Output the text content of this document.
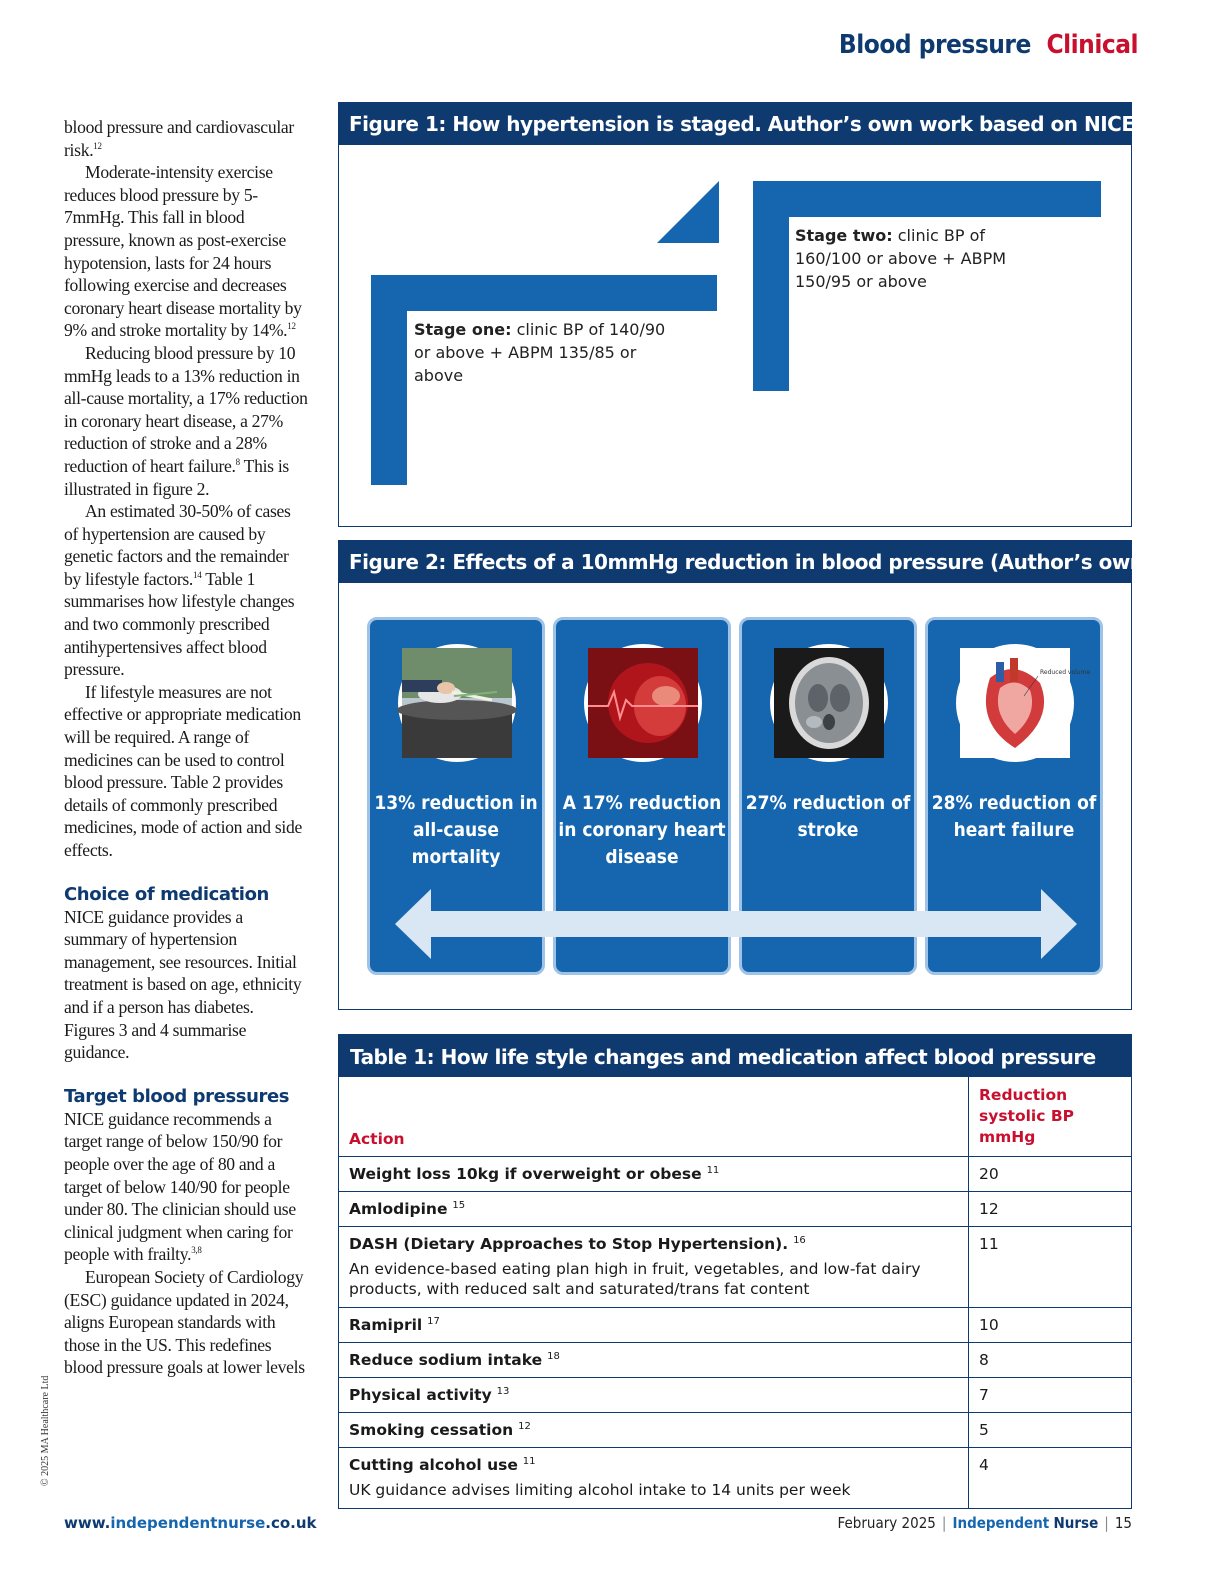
Blood pressure Clinical

blood pressure and cardiovascular risk.$^{12}$

Moderate-intensity exercise reduces blood pressure by 5-7mmHg. This fall in blood pressure, known as post-exercise hypotension, lasts for 24 hours following exercise and decreases coronary heart disease mortality by 9% and stroke mortality by 14%.$^{12}$

Reducing blood pressure by 10 mmHg leads to a 13% reduction in all-cause mortality, a 17% reduction in coronary heart disease, a 27% reduction of stroke and a 28% reduction of heart failure.$^8$ This is illustrated in figure 2.

An estimated 30-50% of cases of hypertension are caused by genetic factors and the remainder by lifestyle factors.$^{14}$ Table 1 summarises how lifestyle changes and two commonly prescribed antihypertensives affect blood pressure.

If lifestyle measures are not effective or appropriate medication will be required. A range of medicines can be used to control blood pressure. Table 2 provides details of commonly prescribed medicines, mode of action and side effects.

Choice of medication

NICE guidance provides a summary of hypertension management, see resources. Initial treatment is based on age, ethnicity and if a person has diabetes. Figures 3 and 4 summarise guidance.

Target blood pressures

NICE guidance recommends a target range of below 150/90 for people over the age of 80 and a target of below 140/90 for people under 80. The clinician should use clinical judgment when caring for people with frailty.$^{3,8}$

European Society of Cardiology (ESC) guidance updated in 2024, aligns European standards with those in the US. This redefines blood pressure goals at lower levels

© 2025 MA Healthcare Ltd
Figure 1: How hypertension is staged. Author’s own work based on NICE 2021³
Stage one: clinic BP of 140/90 or above + ABPM 135/85 or above
Stage two: clinic BP of 160/100 or above + ABPM 150/95 or above
Figure 2: Effects of a 10mmHg reduction in blood pressure (Author’s own work)
13% reduction in all-cause mortality
A 17% reduction in coronary heart disease
27% reduction of stroke
Reduced volume
28% reduction of heart failure
Table 1: How life style changes and medication affect blood pressure
Action	Reduction systolic BP mmHg
Weight loss 10kg if overweight or obese $^{11}$	20
Amlodipine $^{15}$	12
DASH (Dietary Approaches to Stop Hypertension). $^{16}$
An evidence-based eating plan high in fruit, vegetables, and low-fat dairy products, with reduced salt and saturated/trans fat content	11
Ramipril $^{17}$	10
Reduce sodium intake $^{18}$	8
Physical activity $^{13}$	7
Smoking cessation $^{12}$	5
Cutting alcohol use $^{11}$
UK guidance advises limiting alcohol intake to 14 units per week	4
www.independentnurse.co.uk	February 2025 | Independent Nurse | 15
